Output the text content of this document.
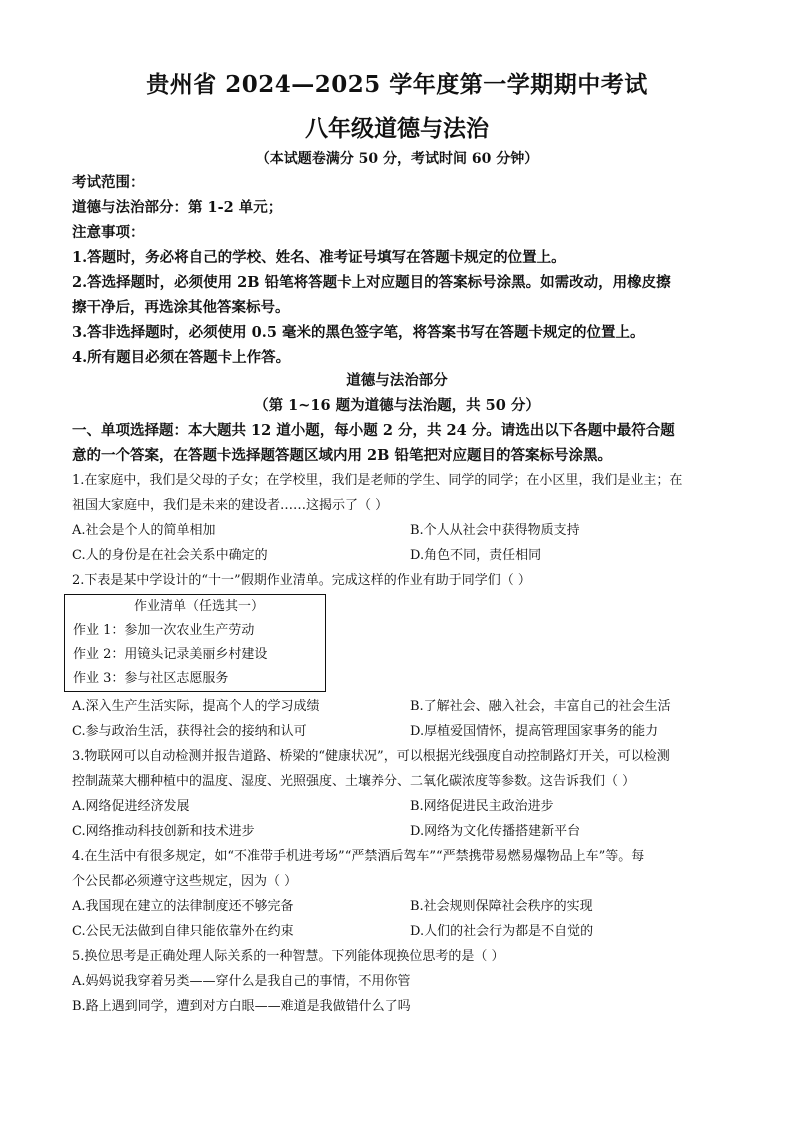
贵州省 2024—2025 学年度第一学期期中考试
八年级道德与法治
（本试题卷满分 50 分，考试时间 60 分钟）
考试范围：
道德与法治部分：第 1-2 单元；
注意事项：
1.答题时，务必将自己的学校、姓名、准考证号填写在答题卡规定的位置上。
2.答选择题时，必须使用 2B 铅笔将答题卡上对应题目的答案标号涂黑。如需改动，用橡皮擦
擦干净后，再选涂其他答案标号。
3.答非选择题时，必须使用 0.5 毫米的黑色签字笔，将答案书写在答题卡规定的位置上。
4.所有题目必须在答题卡上作答。
道德与法治部分
（第 1~16 题为道德与法治题，共 50 分）
一、单项选择题：本大题共 12 道小题，每小题 2 分，共 24 分。请选出以下各题中最符合题
意的一个答案，在答题卡选择题答题区域内用 2B 铅笔把对应题目的答案标号涂黑。
1.在家庭中，我们是父母的子女；在学校里，我们是老师的学生、同学的同学；在小区里，我们是业主；在
祖国大家庭中，我们是未来的建设者……这揭示了（ ）
A.社会是个人的简单相加	B.个人从社会中获得物质支持
C.人的身份是在社会关系中确定的	D.角色不同，责任相同
2.下表是某中学设计的“十一”假期作业清单。完成这样的作业有助于同学们（ ）
作业清单（任选其一）
作业 1：参加一次农业生产劳动
作业 2：用镜头记录美丽乡村建设
作业 3：参与社区志愿服务
A.深入生产生活实际，提高个人的学习成绩	B.了解社会、融入社会，丰富自己的社会生活
C.参与政治生活，获得社会的接纳和认可	D.厚植爱国情怀，提高管理国家事务的能力
3.物联网可以自动检测并报告道路、桥梁的“健康状况”，可以根据光线强度自动控制路灯开关，可以检测
控制蔬菜大棚种植中的温度、湿度、光照强度、土壤养分、二氧化碳浓度等参数。这告诉我们（ ）
A.网络促进经济发展	B.网络促进民主政治进步
C.网络推动科技创新和技术进步	D.网络为文化传播搭建新平台
4.在生活中有很多规定，如“不准带手机进考场”“严禁酒后驾车”“严禁携带易燃易爆物品上车”等。每
个公民都必须遵守这些规定，因为（ ）
A.我国现在建立的法律制度还不够完备	B.社会规则保障社会秩序的实现
C.公民无法做到自律只能依靠外在约束	D.人们的社会行为都是不自觉的
5.换位思考是正确处理人际关系的一种智慧。下列能体现换位思考的是（ ）
A.妈妈说我穿着另类——穿什么是我自己的事情，不用你管
B.路上遇到同学，遭到对方白眼——难道是我做错什么了吗
